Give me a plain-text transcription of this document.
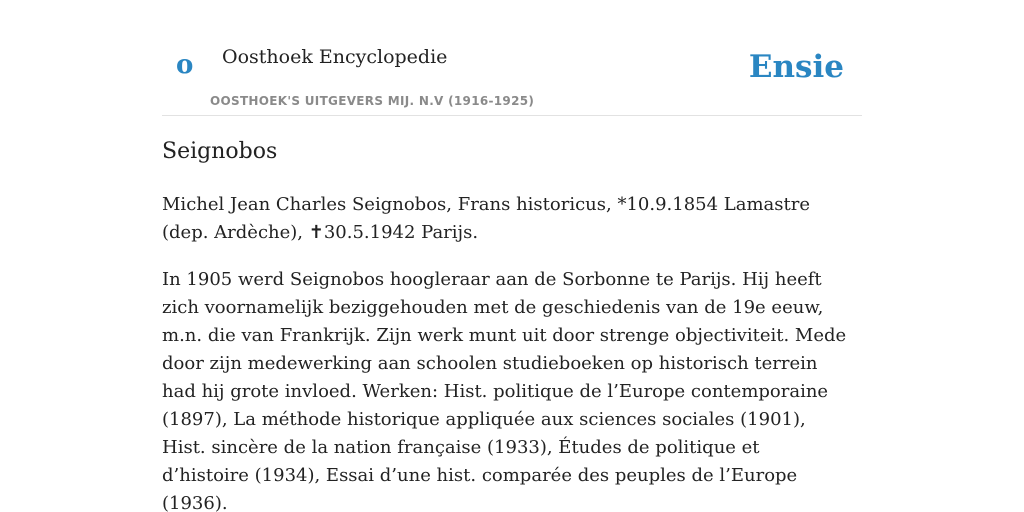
o Oosthoek Encyclopedie
OOSTHOEK'S UITGEVERS MIJ. N.V (1916-1925)
Ensie
Seignobos

Michel Jean Charles Seignobos, Frans historicus, *10.9.1854 Lamastre (dep. Ardèche), ✝30.5.1942 Parijs.

In 1905 werd Seignobos hoogleraar aan de Sorbonne te Parijs. Hij heeft zich voornamelijk beziggehouden met de geschiedenis van de 19e eeuw, m.n. die van Frankrijk. Zijn werk munt uit door strenge objectiviteit. Mede door zijn medewerking aan schoolen studieboeken op historisch terrein had hij grote invloed. Werken: Hist. politique de l’Europe contemporaine (1897), La méthode historique appliquée aux sciences sociales (1901), Hist. sincère de la nation française (1933), Études de politique et d’histoire (1934), Essai d’une hist. comparée des peuples de l’Europe (1936).
